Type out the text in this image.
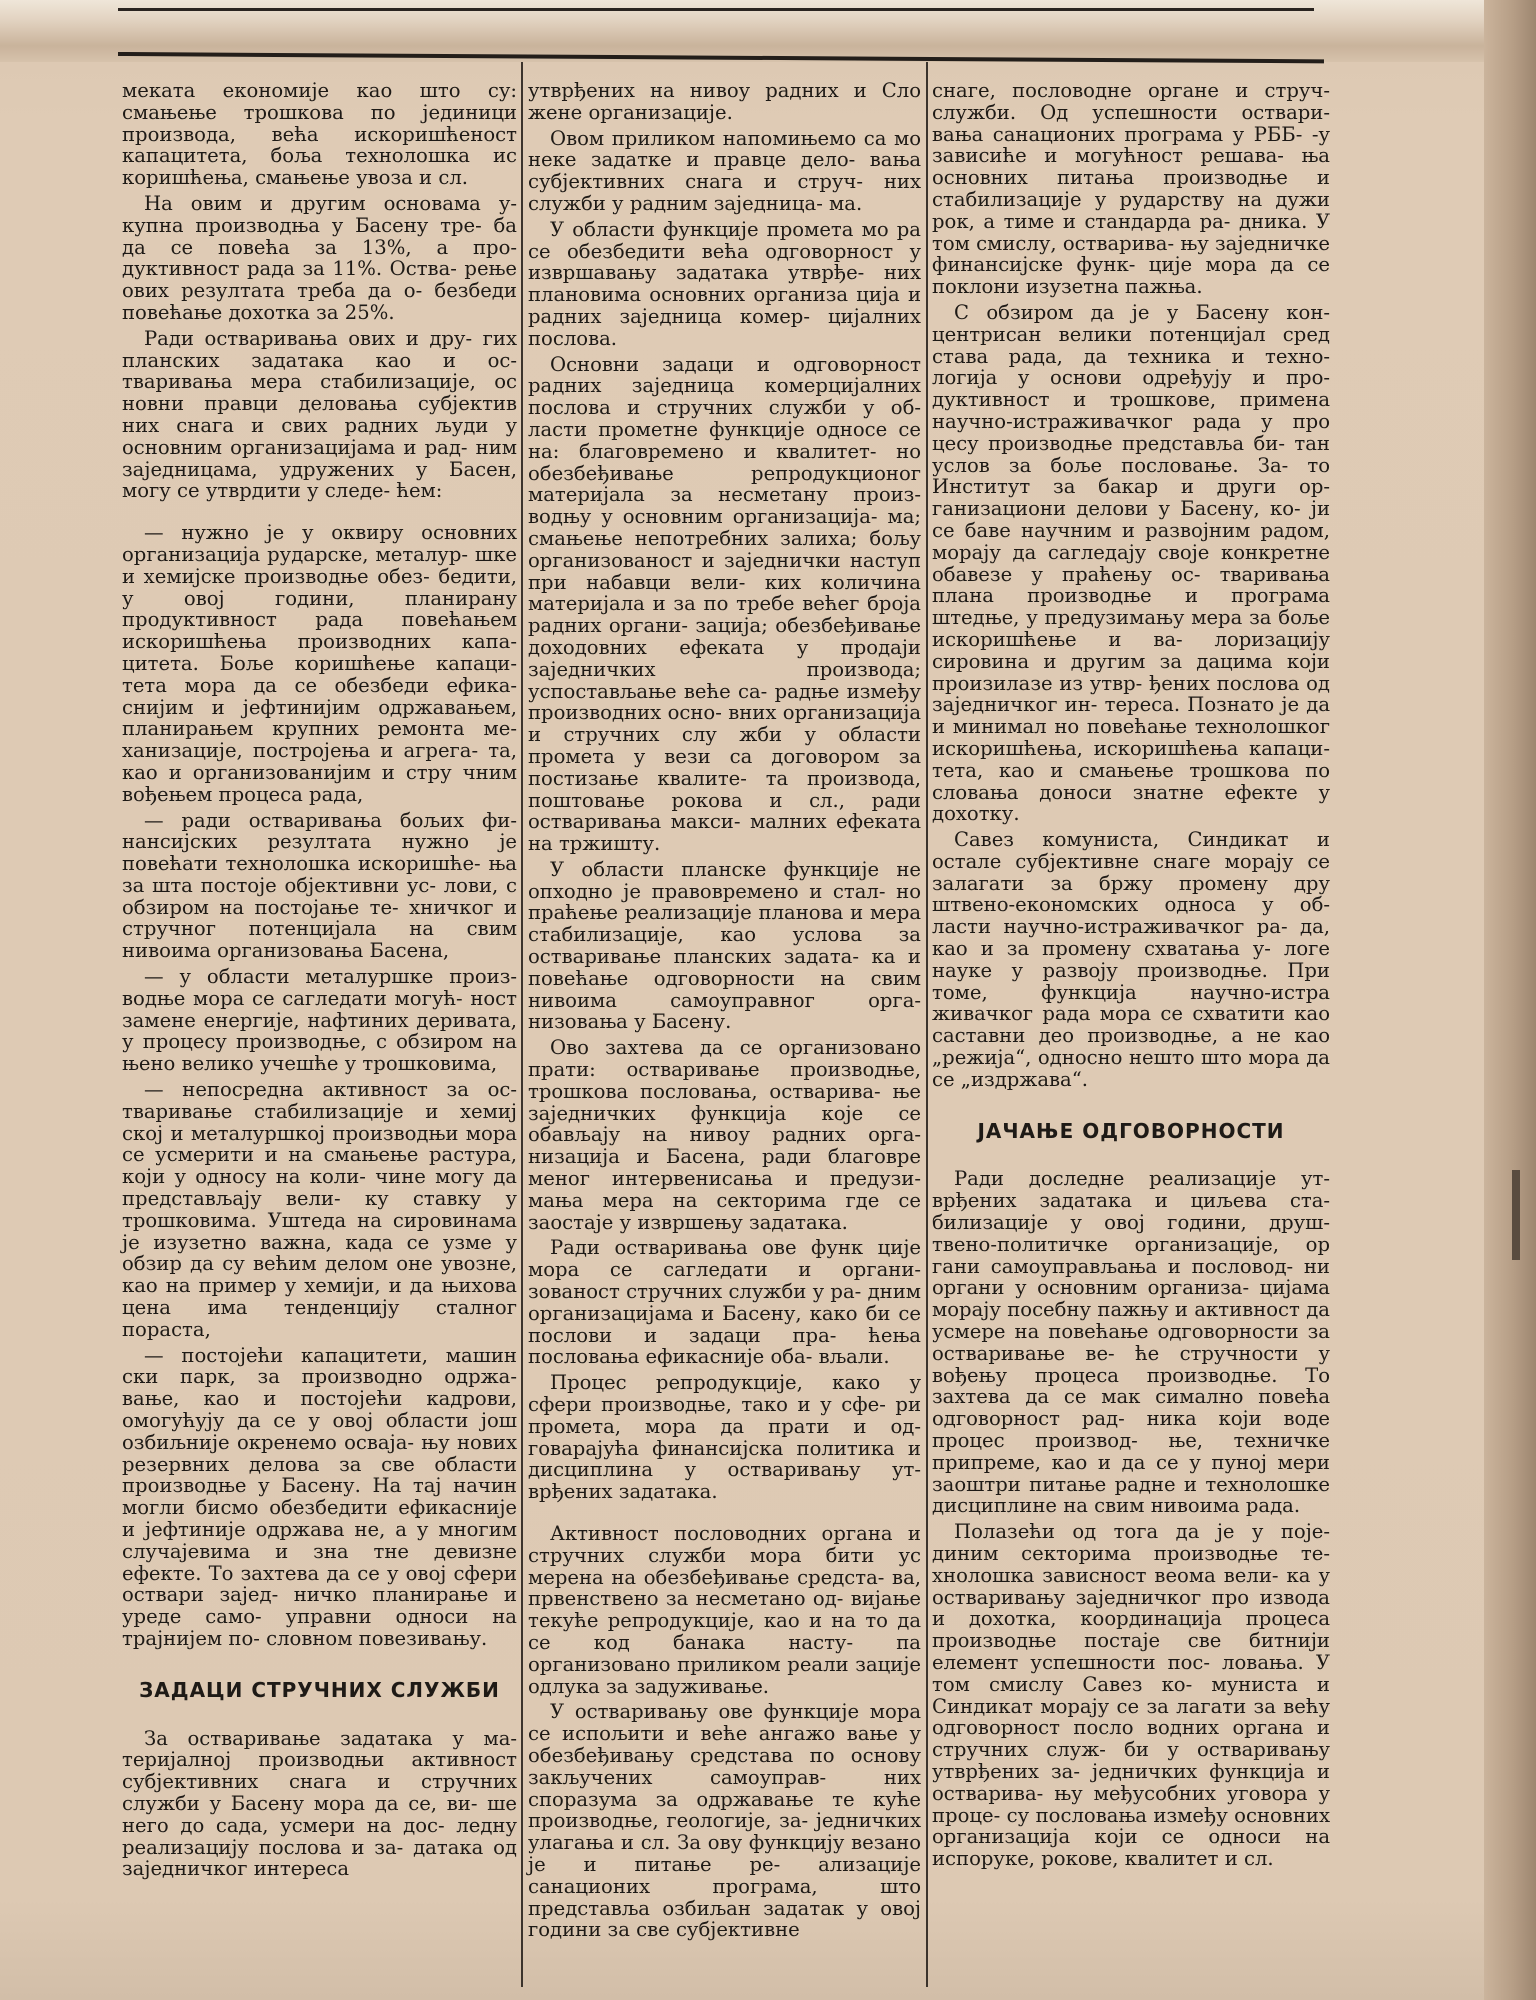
меката економије као што су: смањење трошкова по јединици производа, већа искоришћеност капацитета, боља технолошка ис коришћења, смањење увоза и сл.

На овим и другим основама у- купна производња у Басену тре- ба да се повећа за 13%, а про- дуктивност рада за 11%. Оства- рење ових резултата треба да о- безбеди повећање дохотка за 25%.

Ради остваривања ових и дру- гих планских задатака као и ос- тваривања мера стабилизације, ос новни правци деловања субјектив них снага и свих радних људи у основним организацијама и рад- ним заједницама, удружених у Басен, могу се утврдити у следе- ћем:

— нужно је у оквиру основних организација рударске, металур- шке и хемијске производње обез- бедити, у овој години, планирану продуктивност рада повећањем искоришћења производних капа- цитета. Боље коришћење капаци- тета мора да се обезбеди ефика- снијим и јефтинијим одржавањем, планирањем крупних ремонта ме- ханизације, постројења и агрега- та, као и организованијим и стру чним вођењем процеса рада,

— ради остваривања бољих фи- нансијских резултата нужно је повећати технолошка искоришће- ња за шта постоје објективни ус- лови, с обзиром на постојање те- хничког и стручног потенцијала на свим нивоима организовања Басена,

— у области металуршке произ- водње мора се сагледати могућ- ност замене енергије, нафтиних деривата, у процесу производње, с обзиром на њено велико учешће у трошковима,

— непосредна активност за ос- тваривање стабилизације и хемиј ској и металуршкој производњи мора се усмерити и на смањење растура, који у односу на коли- чине могу да представљају вели- ку ставку у трошковима. Уштеда на сировинама је изузетно важна, када се узме у обзир да су већим делом оне увозне, као на пример у хемији, и да њихова цена има тенденцију сталног пораста,

— постојећи капацитети, машин ски парк, за производно одржа- вање, као и постојећи кадрови, омогућују да се у овој области још озбиљније окренемо осваја- њу нових резервних делова за све области производње у Басену. На тај начин могли бисмо обезбедити ефикасније и јефтиније одржава не, а у многим случајевима и зна тне девизне ефекте. То захтева да се у овој сфери оствари зајед- ничко планирање и уреде само- управни односи на трајнијем по- словном повезивању.

ЗАДАЦИ СТРУЧНИХ СЛУЖБИ

За остваривање задатака у ма- теријалној производњи активност субјективних снага и стручних служби у Басену мора да се, ви- ше него до сада, усмери на дос- ледну реализацију послова и за- датака од заједничког интереса

утврђених на нивоу радних и Сло жене организације.

Овом приликом напомињемо са мо неке задатке и правце дело- вања субјективних снага и струч- них служби у радним заједница- ма.

У области функције промета мо ра се обезбедити већа одговорност у извршавању задатака утврђе- них плановима основних организа ција и радних заједница комер- цијалних послова.

Основни задаци и одговорност радних заједница комерцијалних послова и стручних служби у об- ласти прометне функције односе се на: благовремено и квалитет- но обезбеђивање репродукционог материјала за несметану произ- водњу у основним организација- ма; смањење непотребних залиха; бољу организованост и заједнички наступ при набавци вели- ких количина материјала и за по требе већег броја радних органи- зација; обезбеђивање доходовних ефеката у продаји заједничких производа; успостављање веће са- радње између производних осно- вних организација и стручних слу жби у области промета у вези са договором за постизање квалите- та производа, поштовање рокова и сл., ради остваривања макси- малних ефеката на тржишту.

У области планске функције не опходно је правовремено и стал- но праћење реализације планова и мера стабилизације, као услова за остваривање планских задата- ка и повећање одговорности на свим нивоима самоуправног орга- низовања у Басену.

Ово захтева да се организовано прати: остваривање производње, трошкова пословања, остварива- ње заједничких функција које се обављају на нивоу радних орга- низација и Басена, ради благовре меног интервенисања и предузи- мања мера на секторима где се заостаје у извршењу задатака.

Ради остваривања ове функ ције мора се сагледати и органи- зованост стручних служби у ра- дним организацијама и Басену, како би се послови и задаци пра- ћења пословања ефикасније оба- вљали.

Процес репродукције, како у сфери производње, тако и у сфе- ри промета, мора да прати и од- говарајућа финансијска политика и дисциплина у остваривању ут- врђених задатака.

Активност пословодних органа и стручних служби мора бити ус мерена на обезбеђивање средста- ва, првенствено за несметано од- вијање текуће репродукције, као и на то да се код банака насту- па организовано приликом реали зације одлука за задуживање.

У остваривању ове функције мора се испољити и веће ангажо вање у обезбеђивању средстава по основу закључених самоуправ- них споразума за одржавање те куће производње, геологије, за- једничких улагања и сл. За ову функцију везано је и питање ре- ализације санационих програма, што представља озбиљан задатак у овој години за све субјективне

снаге, пословодне органе и струч- служби. Од успешности оствари- вања санационих програма у РББ- -у зависиће и могућност решава- ња основних питања производње и стабилизације у рударству на дужи рок, а тиме и стандарда ра- дника. У том смислу, остварива- њу заједничке финансијске функ- ције мора да се поклони изузетна пажња.

С обзиром да је у Басену кон- центрисан велики потенцијал сред става рада, да техника и техно- логија у основи одређују и про- дуктивност и трошкове, примена научно-истраживачког рада у про цесу производње представља би- тан услов за боље пословање. За- то Институт за бакар и други ор- ганизациони делови у Басену, ко- ји се баве научним и развојним радом, морају да сагледају своје конкретне обавезе у праћењу ос- тваривања плана производње и програма штедње, у предузимању мера за боље искоришћење и ва- лоризацију сировина и другим за дацима који произилазе из утвр- ђених послова од заједничког ин- тереса. Познато је да и минимал но повећање технолошког искоришћења, искоришћења капаци- тета, као и смањење трошкова по словања доноси знатне ефекте у дохотку.

Савез комуниста, Синдикат и остале субјективне снаге морају се залагати за бржу промену дру штвено-економских односа у об- ласти научно-истраживачког ра- да, као и за промену схватања у- логе науке у развоју производње. При томе, функција научно-истра живачког рада мора се схватити као саставни део производње, а не као „режија“, односно нешто што мора да се „издржава“.

ЈАЧАЊЕ ОДГОВОРНОСТИ

Ради доследне реализације ут- врђених задатака и циљева ста- билизације у овој години, друш- твено-политичке организације, ор гани самоуправљања и пословод- ни органи у основним организа- цијама морају посебну пажњу и активност да усмере на повећање одговорности за остваривање ве- ће стручности у вођењу процеса производње. То захтева да се мак симално повећа одговорност рад- ника који воде процес производ- ње, техничке припреме, као и да се у пуној мери заоштри питање радне и технолошке дисциплине на свим нивоима рада.

Полазећи од тога да је у поје- диним секторима производње те- хнолошка зависност веома вели- ка у остваривању заједничког про извода и дохотка, координација процеса производње постаје све битнији елемент успешности пос- ловања. У том смислу Савез ко- муниста и Синдикат морају се за лагати за већу одговорност посло водних органа и стручних служ- би у остваривању утврђених за- једничких функција и остварива- њу међусобних уговора у проце- су пословања између основних организација који се односи на испоруке, рокове, квалитет и сл.
